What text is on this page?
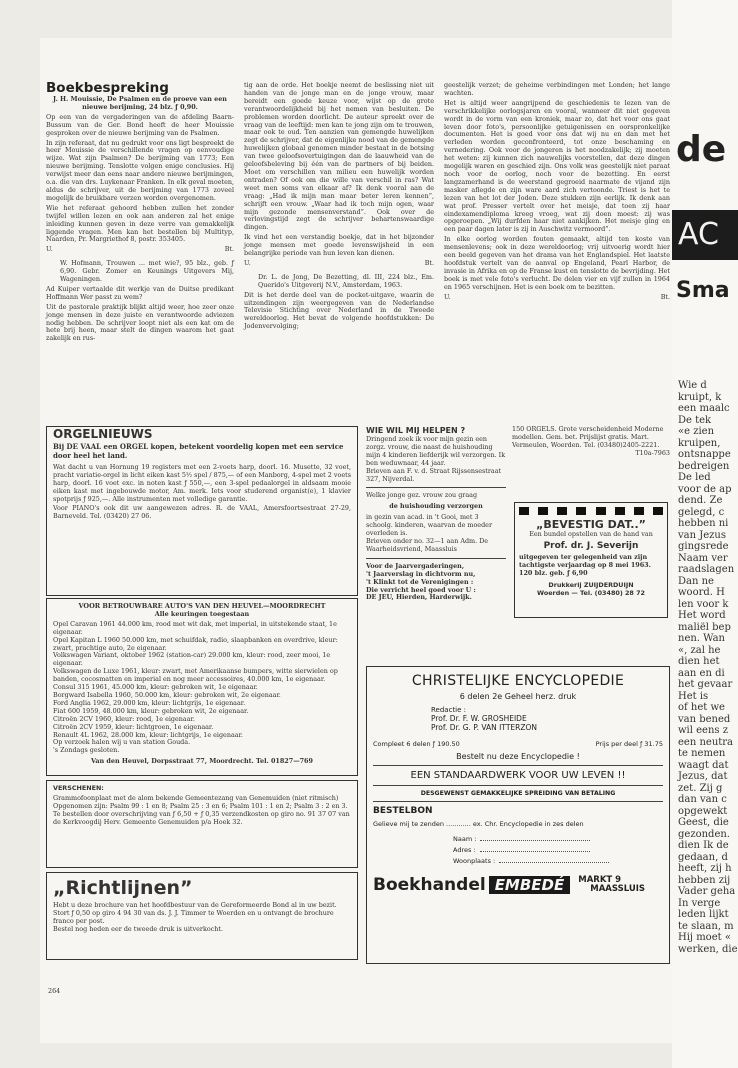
Boekbespreking

J. H. Mouissie, De Psalmen en de proeve van een nieuwe berijming, 24 blz. ƒ 0,90.

Op een van de vergaderingen van de afdeling Baarn-Bussum van de Ger. Bond heeft de heer Mouissie gesproken over de nieuwe berijming van de Psalmen.

In zijn referaat, dat nu gedrukt voor ons ligt bespreekt de heer Mouissie de verschillende vragen op eenvoudige wijze. Wat zijn Psalmen? De berijming van 1773; Een nieuwe berijming. Tenslotte volgen enige conclusies. Hij verwijst meer dan eens naar andere nieuwe berijmingen, o.a. die van drs. Luykenaar Franken. In elk geval moeten, aldus de schrijver, uit de berijming van 1773 zoveel mogelijk de bruikbare verzen worden overgenomen.

Wie het referaat gehoord hebben zullen het zonder twijfel willen lezen en ook aan anderen zal het enige inleiding kunnen geven in deze verre van gemakkelijk liggende vragen. Men kan het bestellen bij Multityp, Naarden, Pr. Margriethof 8, postr. 353405.

U.	Bt.

W. Hofmann, Trouwen ... met wie?, 95 blz., geb. ƒ 6,90. Gebr. Zomer en Keunings Uitgevers Mij, Wageningen.

Ad Kuiper vertaalde dit werkje van de Duitse predikant Hoffmann Wer passt zu wem?

Uit de pastorale praktijk blijkt altijd weer, hoe zeer onze jonge mensen in deze juiste en verantwoorde adviezen nodig hebben. De schrijver loopt niet als een kat om de hete brij heen, maar stelt de dingen waarom het gaat zakelijk en rus-

tig aan de orde. Het boekje neemt de beslissing niet uit handen van de jonge man en de jonge vrouw, maar bereidt een goede keuze voor, wijst op de grote verantwoordelijkheid bij het nemen van besluiten. De problemen worden doorlicht. De auteur spreekt over de vraag van de leeftijd: men kan te jong zijn om te trouwen, maar ook te oud. Ten aanzien van gemengde huwelijken zegt de schrijver, dat de eigenlijke nood van de gemengde huwelijken globaal genomen minder bestaat in de botsing van twee geloofsovertuigingen dan de laauwheid van de geloofsbeleving bij één van de partners of bij beiden. Moet om verschillen van milieu een huwelijk worden ontraden? Of ook om die wille van verschil in ras? Wat weet men soms van elkaar af? Ik denk vooral aan de vraag: „Had ik mijn man maar beter leren kennen”, schrijft een vrouw. „Waar had ik toch mijn ogen, waar mijn gezonde mensenverstand”. Ook over de verlovingstijd zegt de schrijver behartenswaardige dingen.

Ik vind het een verstandig boekje, dat in het bijzonder jonge mensen met goede levenswijsheid in een belangrijke periode van hun leven kan dienen.

U.	Bt.

Dr. L. de Jong, De Bezetting, dl. III, 224 blz., Em. Querido's Uitgeverij N.V., Amsterdam, 1963.

Dit is het derde deel van de pocket-uitgave, waarin de uitzendingen zijn weergegeven van de Nederlandse Televisie Stichting over Nederland in de Tweede wereldoorlog. Het bevat de volgende hoofdstukken: De Jodenvervolging;

geestelijk verzet; de geheime verbindingen met Londen; het lange wachten.

Het is altijd weer aangrijpend de geschiedenis te lezen van de verschrikkelijke oorlogsjaren en vooral, wanneer dit niet gegeven wordt in de vorm van een kroniek, maar zo, dat het voor ons gaat leven door foto's, persoonlijke getuigenissen en oorspronkelijke documenten. Het is goed voor ons dat wij nu en dan met het verleden worden geconfronteerd, tot onze beschaming en vernedering. Ook voor de jongeren is het noodzakelijk; zij moeten het weten: zij kunnen zich nauwelijks voorstellen, dat deze dingen mogelijk waren en geschied zijn. Ons volk was geestelijk niet paraat noch voor de oorlog, noch voor de bezetting. En eerst langzamerhand is de weerstand gegroeid naarmate de vijand zijn masker aflegde en zijn ware aard zich vertoonde. Triest is het te lezen van het lot der Joden. Deze stukken zijn eerlijk. Ik denk aan wat prof. Presser vertelt over het meisje, dat toen zij haar eindexamendiploma kreeg vroeg, wat zij doen moest: zij was opgeroepen. „Wij durfden haar niet aankijken. Het meisje ging en een paar dagen later is zij in Auschwitz vermoord”.

In elke oorlog worden fouten gemaakt, altijd ten koste van mensenlevens; ook in deze wereldoorlog; vrij uitvoerig wordt hier een beeld gegeven van het drama van het Englandspiel. Het laatste hoofdstuk vertelt van de aanval op Engeland, Pearl Harbor, de invasie in Afrika en op de Franse kust en tenslotte de bevrijding. Het boek is met vele foto's verlucht. De delen vier en vijf zullen in 1964 en 1965 verschijnen. Het is een boek om te bezitten.

U.	Bt.
ORGELNIEUWS
Bij DE VAAL een ORGEL kopen, betekent voordelig kopen met een service door heel het land.
Wat dacht u van Hornung 19 registers met een 2-voets harp, doorl. 16. Musette, 32 voet, pracht variatie-orgel in licht eiken kast 5½ spel / 875,— of een Manborg, 4-spel met 2 voets harp, doorl. 16 voet exc. in noten kast ƒ 550,—, een 3-spel pedaalorgel in aldsaam mooie eiken kast met ingebouwde motor, Am. merk. Iets voor studerend organist(e), 1 klavier spotprijs ƒ 925,—. Alle instrumenten met volledige garantie.
Voor PIANO's ook dit uw aangewezen adres. R. de VAAL, Amersfoortsestraat 27-29, Barneveld. Tel. (03420) 27 06.
VOOR BETROUWBARE AUTO'S VAN DEN HEUVEL—MOORDRECHT
Alle keuringen toegestaan
Opel Caravan 1961 44.000 km, rood met wit dak, met imperial, in uitstekende staat, 1e eigenaar.
Opel Kapitan L 1960 50.000 km, met schuifdak, radio, slaapbanken en overdrive, kleur: zwart, prachtige auto, 2e eigenaar.
Volkswagen Variant, oktober 1962 (station-car) 29.000 km, kleur: rood, zeer mooi, 1e eigenaar.
Volkswagen de Luxe 1961, kleur: zwart, met Amerikaanse bumpers, witte sierwielen op banden, cocosmatten en imperial en nog meer accessoires, 40.000 km, 1e eigenaar.
Consul 315 1961, 45.000 km, kleur: gebroken wit, 1e eigenaar.
Borgward Isabella 1960, 50.000 km, kleur: gebroken wit, 2e eigenaar.
Ford Anglia 1962, 29.000 km, kleur: lichtgrijs, 1e eigenaar.
Fiat 600 1959, 48.000 km, kleur: gebroken wit, 2e eigenaar.
Citroën 2CV 1960, kleur: rood, 1e eigenaar.
Citroën 2CV 1959, kleur: lichtgroen, 1e eigenaar.
Renault 4L 1962, 28.000 km, kleur: lichtgrijs, 1e eigenaar.
Op verzoek halen wij u van station Gouda.
's Zondags gesloten.
Van den Heuvel, Dorpsstraat 77, Moordrecht. Tel. 01827—769
VERSCHENEN:
Grammofoonplaat met de alom bekende Gemeentezang van Genemuiden (niet ritmisch)
Opgenomen zijn: Psalm 99 : 1 en 8; Psalm 25 : 3 en 6; Psalm 101 : 1 en 2; Psalm 3 : 2 en 3.
Te bestellen door overschrijving van ƒ 6,50 + ƒ 0,35 verzendkosten op giro no. 91 37 07 van de Kerkvoogdij Herv. Gemeente Genemuiden p/a Hoek 32.
„Richtlijnen”
Hebt u deze brochure van het hoofdbestuur van de Gereformeerde Bond al in uw bezit.
Stort ƒ 0,50 op giro 4 94 30 van ds. J. J. Timmer te Woerden en u ontvangt de brochure franco per post.
Bestel nog heden eer de tweede druk is uitverkocht.
264
WIE WIL MIJ HELPEN ?
Dringend zoek ik voor mijn gezin een zorgz. vrouw, die naast de huishouding mijn 4 kinderen liefderijk wil verzorgen. Ik ben weduwnaar, 44 jaar.
Brieven aan F. v. d. Straat Rijssensestraat 327, Nijverdal.
Welke jonge gez. vrouw zou graag
de huishouding verzorgen
in gezin van acad. in 't Gooi, met 3 schoolg. kinderen, waarvan de moeder overleden is.
Brieven onder no. 32—1 aan Adm. De Waarheidsvriend, Maassluis
Voor de Jaarvergaderingen,
't Jaarverslag in dichtvorm nu,
't Klinkt tot de Verenigingen :
Die verricht heel goed voor U :
DE JEU, Hierden, Harderwijk.
150 ORGELS. Grote verscheidenheid Moderne modellen. Gem. bet. Prijslijst gratis. Mart. Vermeulen, Woerden. Tel. (03480)2405-2221.
T10a-7963
„BEVESTIG DAT..”
Een bundel opstellen van de hand van
Prof. dr. J. Severijn
uitgegeven ter gelegenheid van zijn tachtigste verjaardag op 8 mei 1963. 120 blz. geb. ƒ 6,90
Drukkerij ZUIJDERDUIJN
Woerden — Tel. (03480) 28 72
CHRISTELIJKE ENCYCLOPEDIE
6 delen 2e Geheel herz. druk
Redactie :
Prof. Dr. F. W. GROSHEIDE
Prof. Dr. G. P. VAN ITTERZON
Compleet 6 delen ƒ 190.50	Prijs per deel ƒ 31.75
Bestelt nu deze Encyclopedie !
EEN STANDAARDWERK VOOR UW LEVEN !!
DESGEWENST GEMAKKELIJKE SPREIDING VAN BETALING
BESTELBON
Gelieve mij te zenden ............ ex. Chr. Encyclopedie in zes delen
Naam :
Adres :
Woonplaats :
Boekhandel EMBEDÉ	MARKT 9
MAASSLUIS
de
AC
Sma
Wie d
kruipt, k
een maalc
De tek
«e zien
kruipen,
ontsnappe
bedreigen
De led
voor de ap
dend. Ze
gelegd, c
hebben ni
van Jezus
gingsrede
Naam ver
raadslagen
Dan ne
woord. H
len voor k
Het word
maliël bep
nen. Wan
«, zal he
dien het
aan en di
het gevaar
Het is
of het we
van bened
wil eens z
een neutra
te nemen
waagt dat
Jezus, dat
zet. Zij g
dan van c
opgewekt
Geest, die
gezonden.
dien Ik de
gedaan, d
heeft, zij h
hebben zij
Vader geha
In verge
leden lijkt
te slaan, m
Hij moet «
werken, die
